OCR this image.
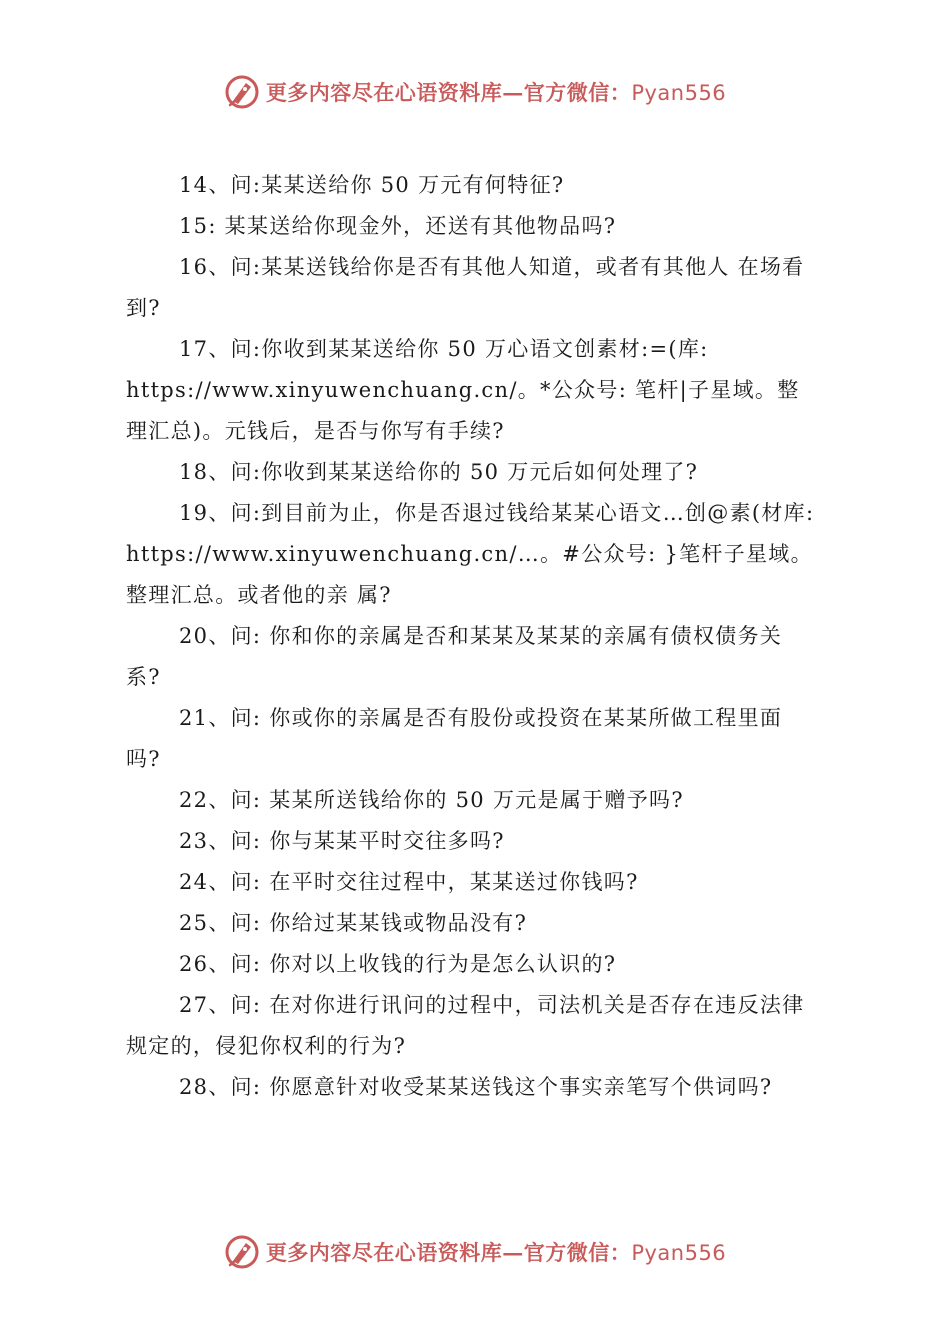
更多内容尽在心语资料库—官方微信：Pyan556

14、问:某某送给你 50 万元有何特征?

15: 某某送给你现金外，还送有其他物品吗?

16、问:某某送钱给你是否有其他人知道，或者有其他人 在场看到?

17、问:你收到某某送给你 50 万心语文创素材:=(库: https://www.xinyuwenchuang.cn/。*公众号: 笔杆|子星域。整理汇总)。元钱后，是否与你写有手续?

18、问:你收到某某送给你的 50 万元后如何处理了?

19、问:到目前为止，你是否退过钱给某某心语文…创@素(材库: https://www.xinyuwenchuang.cn/…。#公众号: }笔杆子星域。整理汇总。或者他的亲 属?

20、问: 你和你的亲属是否和某某及某某的亲属有债权债务关系?

21、问: 你或你的亲属是否有股份或投资在某某所做工程里面吗?

22、问: 某某所送钱给你的 50 万元是属于赠予吗?

23、问: 你与某某平时交往多吗?

24、问: 在平时交往过程中，某某送过你钱吗?

25、问: 你给过某某钱或物品没有?

26、问: 你对以上收钱的行为是怎么认识的?

27、问: 在对你进行讯问的过程中，司法机关是否存在违反法律规定的，侵犯你权利的行为?

28、问: 你愿意针对收受某某送钱这个事实亲笔写个供词吗?

更多内容尽在心语资料库—官方微信：Pyan556
